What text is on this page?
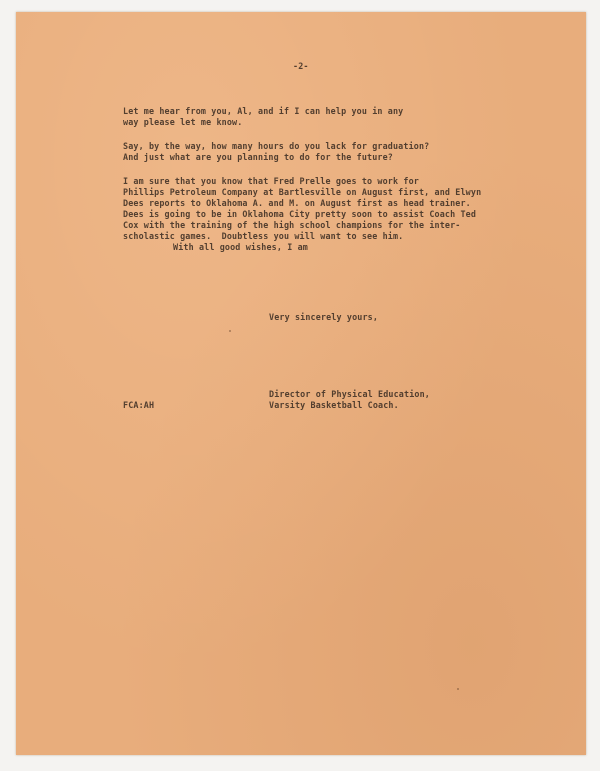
-2-
Let me hear from you, Al, and if I can help you in any
way please let me know.
Say, by the way, how many hours do you lack for graduation?
And just what are you planning to do for the future?
I am sure that you know that Fred Prelle goes to work for
Phillips Petroleum Company at Bartlesville on August first, and Elwyn
Dees reports to Oklahoma A. and M. on August first as head trainer.
Dees is going to be in Oklahoma City pretty soon to assist Coach Ted
Cox with the training of the high school champions for the inter-
scholastic games.  Doubtless you will want to see him.
With all good wishes, I am
Very sincerely yours,
Director of Physical Education,
Varsity Basketball Coach.
FCA:AH
